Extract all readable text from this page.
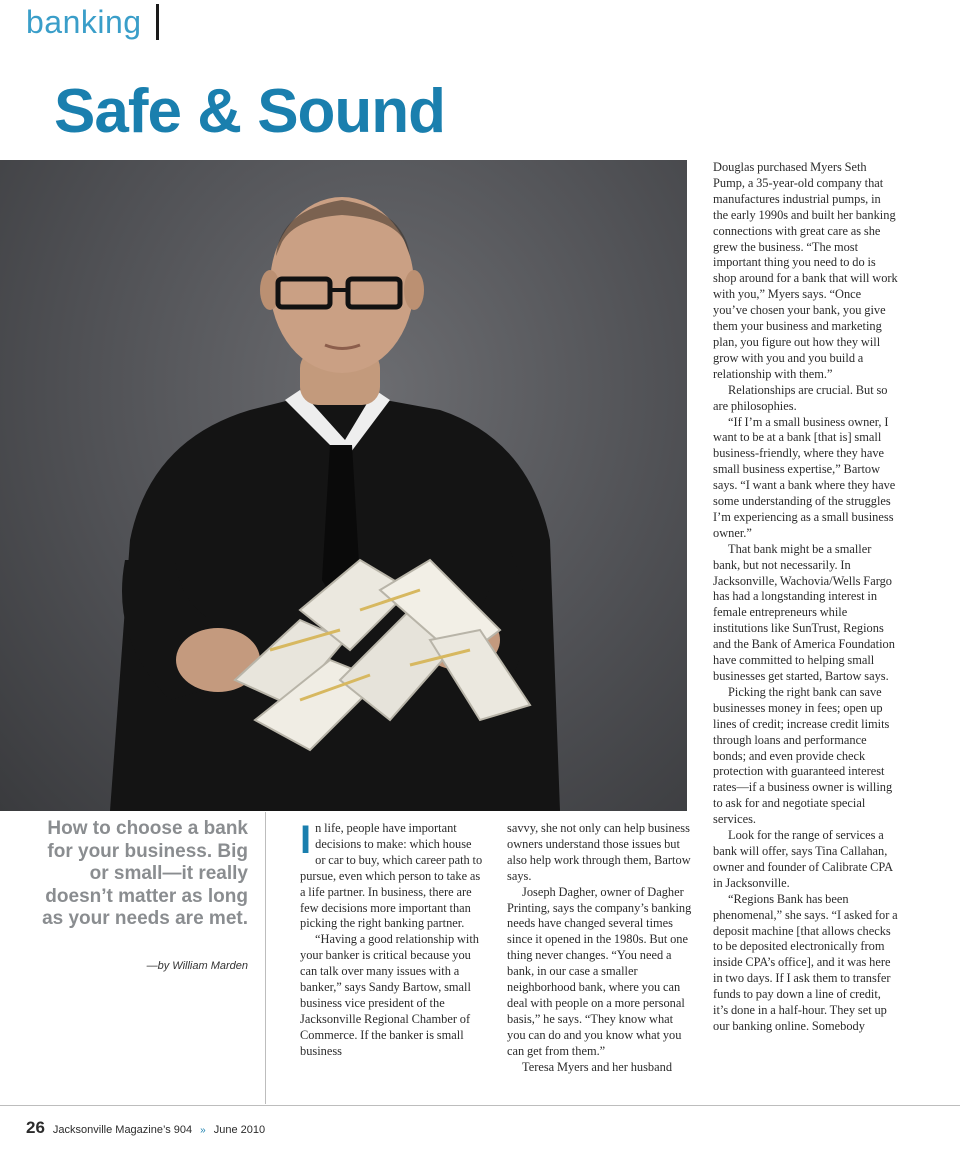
banking
Safe & Sound

How to choose a bank for your business. Big or small—it really doesn’t matter as long as your needs are met.

—by William Marden

In life, people have important decisions to make: which house or car to buy, which career path to pursue, even which person to take as a life partner. In business, there are few decisions more important than picking the right banking partner.

“Having a good relationship with your banker is critical because you can talk over many issues with a banker,” says Sandy Bartow, small business vice president of the Jacksonville Regional Chamber of Commerce. If the banker is small business

savvy, she not only can help business owners understand those issues but also help work through them, Bartow says.

Joseph Dagher, owner of Dagher Printing, says the company’s banking needs have changed several times since it opened in the 1980s. But one thing never changes. “You need a bank, in our case a smaller neighborhood bank, where you can deal with people on a more personal basis,” he says. “They know what you can do and you know what you can get from them.”

Teresa Myers and her husband

Douglas purchased Myers Seth Pump, a 35-year-old company that manufactures industrial pumps, in the early 1990s and built her banking connections with great care as she grew the business. “The most important thing you need to do is shop around for a bank that will work with you,” Myers says. “Once you’ve chosen your bank, you give them your business and marketing plan, you figure out how they will grow with you and you build a relationship with them.”

Relationships are crucial. But so are philosophies.

“If I’m a small business owner, I want to be at a bank [that is] small business-friendly, where they have small business expertise,” Bartow says. “I want a bank where they have some understanding of the struggles I’m experiencing as a small business owner.”

That bank might be a smaller bank, but not necessarily. In Jacksonville, Wachovia/Wells Fargo has had a longstanding interest in female entrepreneurs while institutions like SunTrust, Regions and the Bank of America Foundation have committed to helping small businesses get started, Bartow says.

Picking the right bank can save businesses money in fees; open up lines of credit; increase credit limits through loans and performance bonds; and even provide check protection with guaranteed interest rates—if a business owner is willing to ask for and negotiate special services.

Look for the range of services a bank will offer, says Tina Callahan, owner and founder of Calibrate CPA in Jacksonville.

“Regions Bank has been phenomenal,” she says. “I asked for a deposit machine [that allows checks to be deposited electronically from inside CPA’s office], and it was here in two days. If I ask them to transfer funds to pay down a line of credit, it’s done in a half-hour. They set up our banking online. Somebody

26 Jacksonville Magazine’s 904 » June 2010
